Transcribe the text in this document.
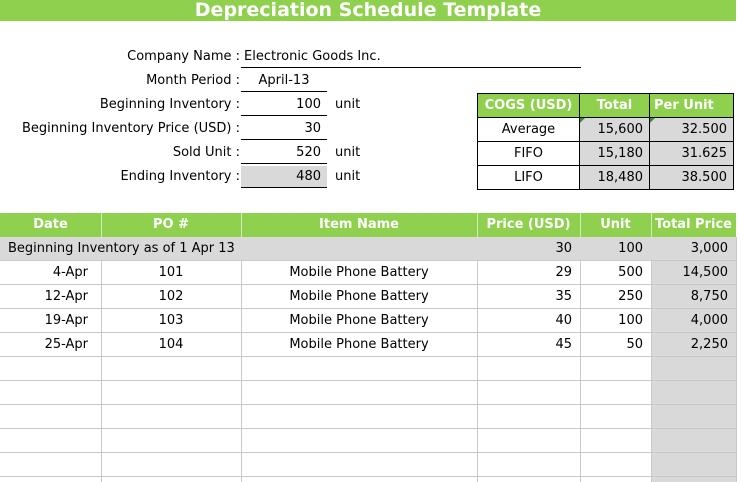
Depreciation Schedule Template
Company Name : Electronic Goods Inc.
Month Period :	April-13
Beginning Inventory :	100	unit
Beginning Inventory Price (USD) :	30
Sold Unit :	520	unit
Ending Inventory :	480	unit
COGS (USD)	Total	Per Unit
Average	15,600	32.500
FIFO	15,180	31.625
LIFO	18,480	38.500
Date	PO #	Item Name	Price (USD)	Unit	Total Price
Beginning Inventory as of 1 Apr 13	30	100	3,000
4-Apr	101	Mobile Phone Battery	29	500	14,500
12-Apr	102	Mobile Phone Battery	35	250	8,750
19-Apr	103	Mobile Phone Battery	40	100	4,000
25-Apr	104	Mobile Phone Battery	45	50	2,250
